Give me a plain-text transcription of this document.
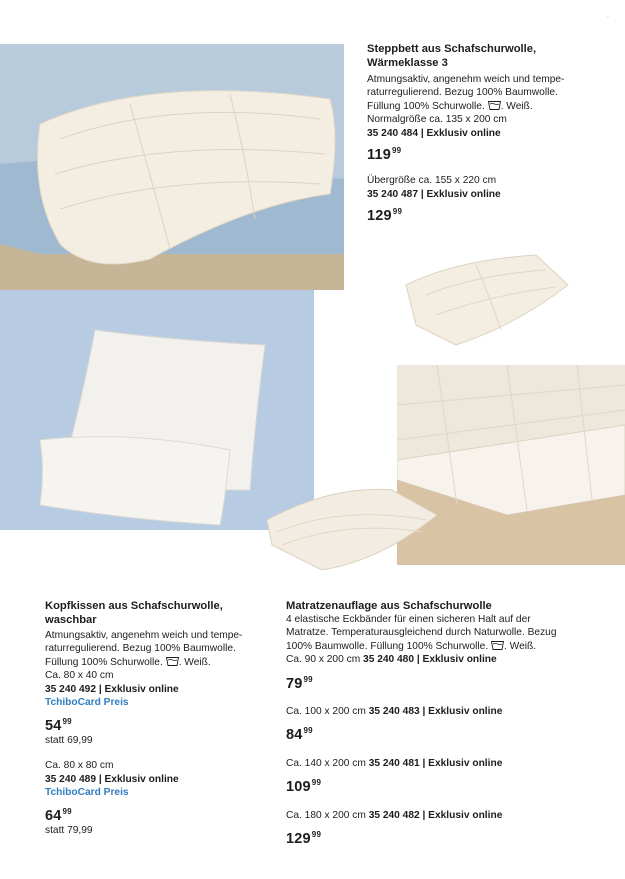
·
Steppbett aus Schafschurwolle,
Wärmeklasse 3
Atmungsaktiv, angenehm weich und tempe-
raturregulierend. Bezug 100% Baumwolle.
Füllung 100% Schurwolle. . Weiß.
Normalgröße ca. 135 x 200 cm
35 240 484 | Exklusiv online
$119^{99}$
Übergröße ca. 155 x 220 cm
35 240 487 | Exklusiv online
$129^{99}$
Kopfkissen aus Schafschurwolle,
waschbar
Atmungsaktiv, angenehm weich und tempe-
raturregulierend. Bezug 100% Baumwolle.
Füllung 100% Schurwolle. . Weiß.
Ca. 80 x 40 cm
35 240 492 | Exklusiv online
TchiboCard Preis
$54^{99}$
statt 69,99
Ca. 80 x 80 cm
35 240 489 | Exklusiv online
TchiboCard Preis
$64^{99}$
statt 79,99
Matratzenauflage aus Schafschurwolle
4 elastische Eckbänder für einen sicheren Halt auf der
Matratze. Temperaturausgleichend durch Naturwolle. Bezug
100% Baumwolle. Füllung 100% Schurwolle. . Weiß.
Ca. 90 x 200 cm 35 240 480 | Exklusiv online
$79^{99}$
Ca. 100 x 200 cm 35 240 483 | Exklusiv online
$84^{99}$
Ca. 140 x 200 cm 35 240 481 | Exklusiv online
$109^{99}$
Ca. 180 x 200 cm 35 240 482 | Exklusiv online
$129^{99}$
